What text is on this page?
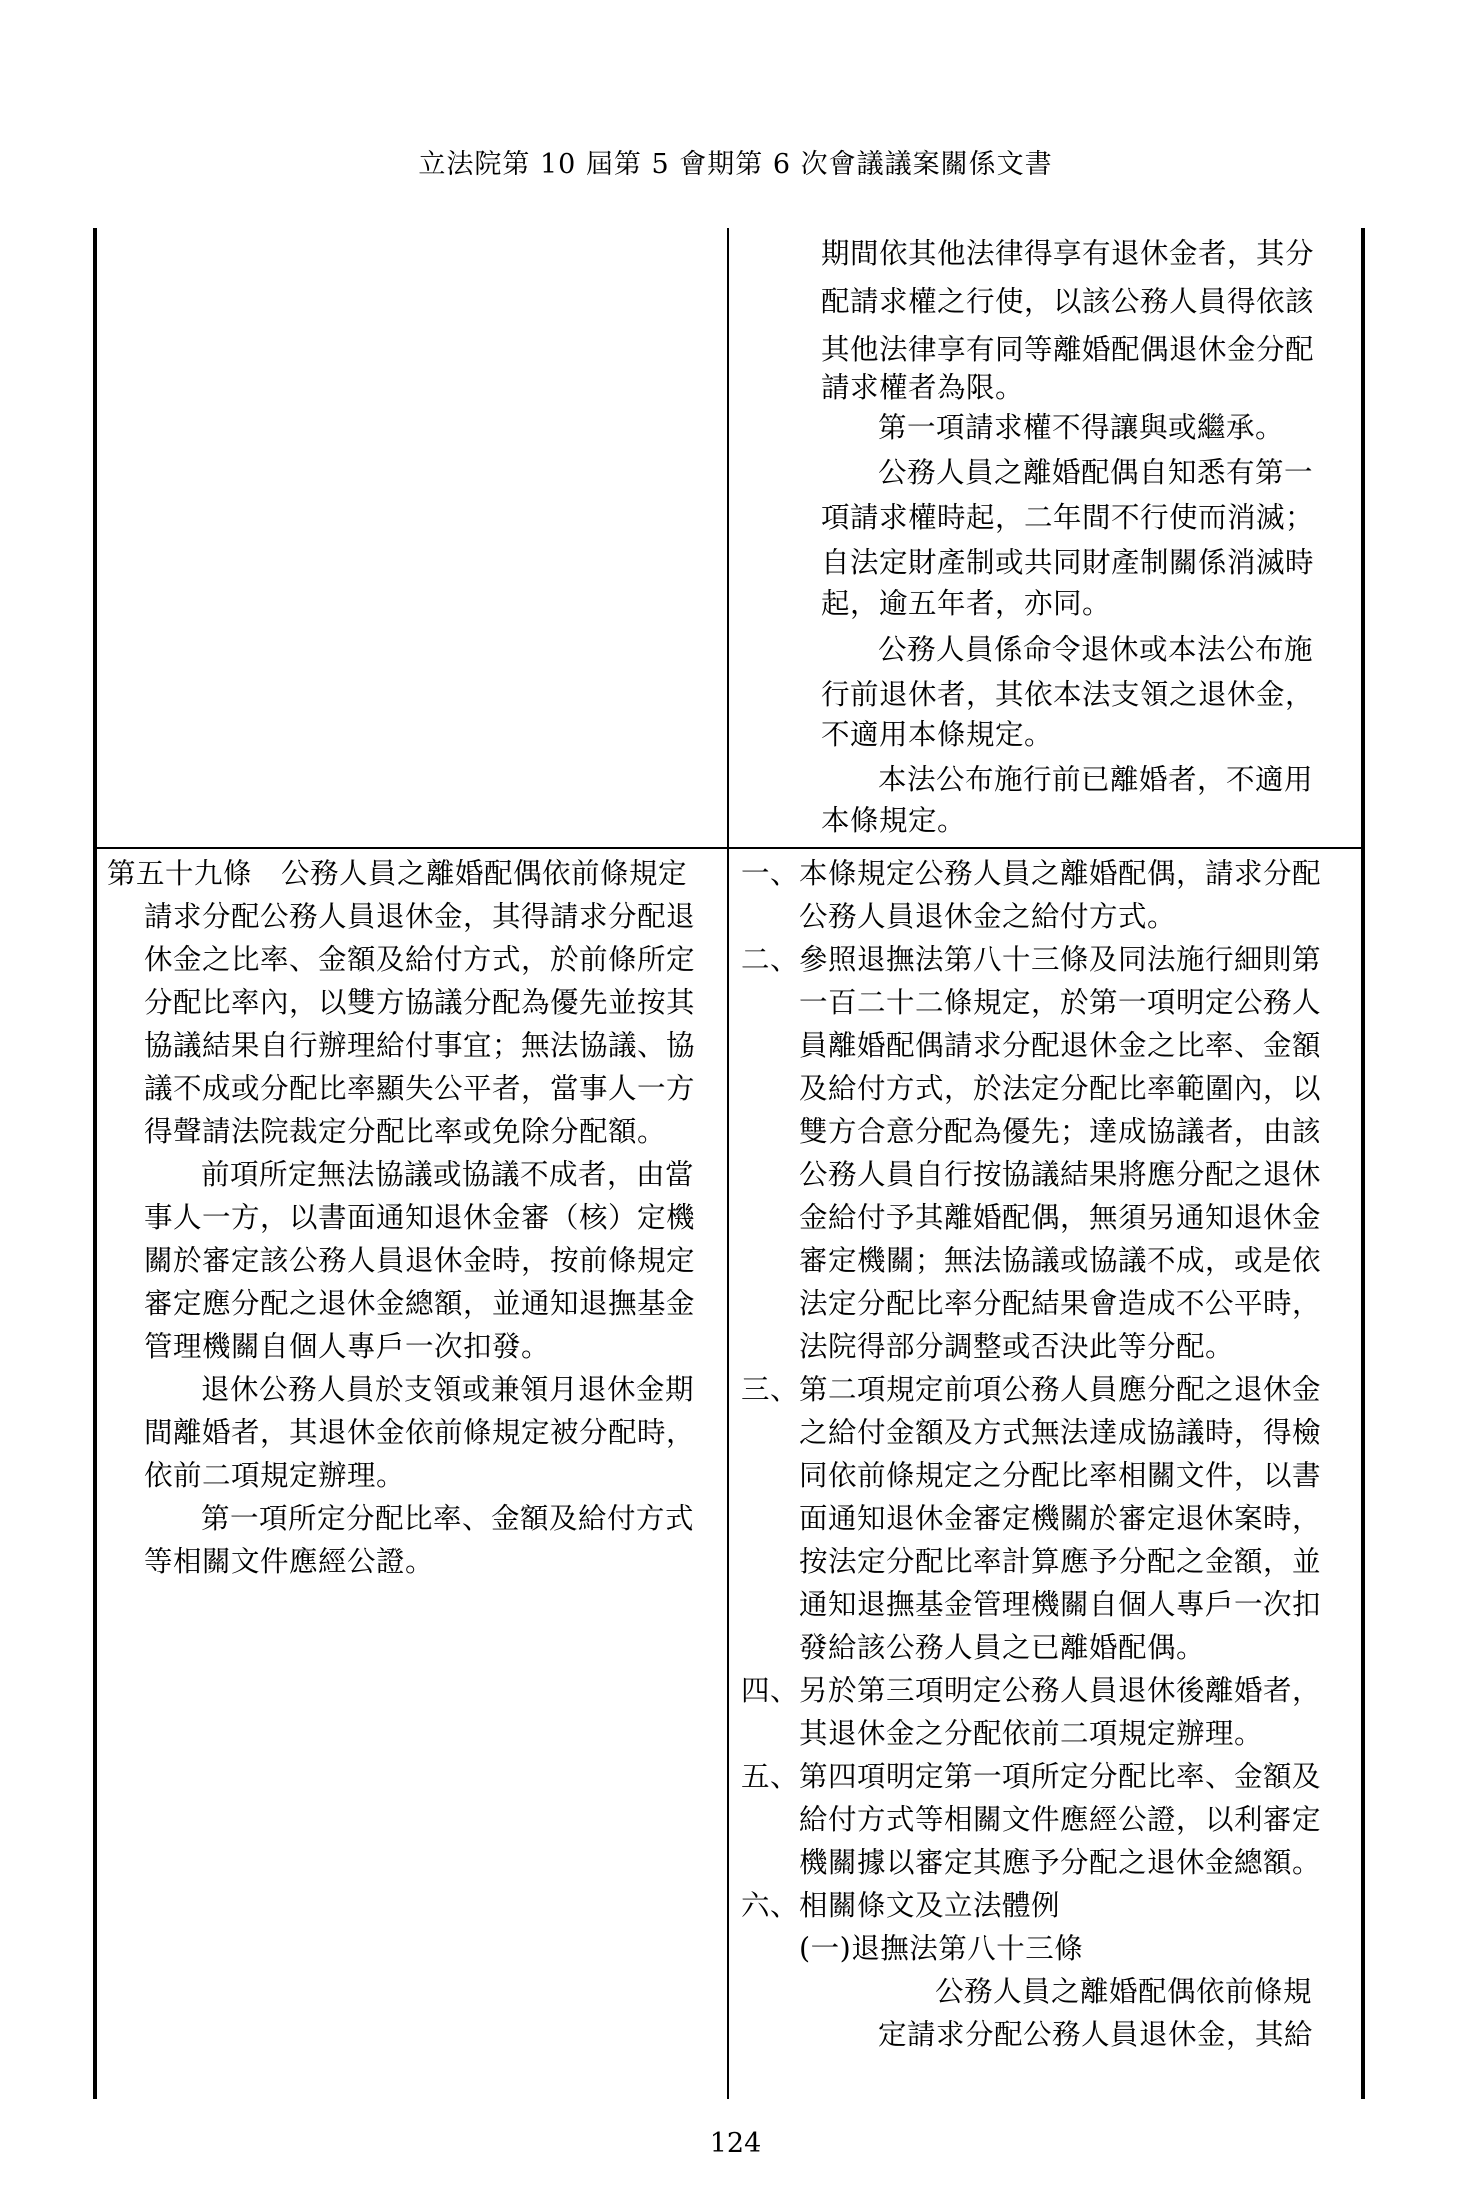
立法院第 10 屆第 5 會期第 6 次會議議案關係文書
期間依其他法律得享有退休金者，其分
配請求權之行使，以該公務人員得依該
其他法律享有同等離婚配偶退休金分配
請求權者為限。
第一項請求權不得讓與或繼承。
公務人員之離婚配偶自知悉有第一
項請求權時起，二年間不行使而消滅；
自法定財產制或共同財產制關係消滅時
起，逾五年者，亦同。
公務人員係命令退休或本法公布施
行前退休者，其依本法支領之退休金，
不適用本條規定。
本法公布施行前已離婚者，不適用
本條規定。
第五十九條　公務人員之離婚配偶依前條規定
請求分配公務人員退休金，其得請求分配退
休金之比率、金額及給付方式，於前條所定
分配比率內，以雙方協議分配為優先並按其
協議結果自行辦理給付事宜；無法協議、協
議不成或分配比率顯失公平者，當事人一方
得聲請法院裁定分配比率或免除分配額。
前項所定無法協議或協議不成者，由當
事人一方，以書面通知退休金審（核）定機
關於審定該公務人員退休金時，按前條規定
審定應分配之退休金總額，並通知退撫基金
管理機關自個人專戶一次扣發。
退休公務人員於支領或兼領月退休金期
間離婚者，其退休金依前條規定被分配時，
依前二項規定辦理。
第一項所定分配比率、金額及給付方式
等相關文件應經公證。
一、本條規定公務人員之離婚配偶，請求分配
公務人員退休金之給付方式。
二、參照退撫法第八十三條及同法施行細則第
一百二十二條規定，於第一項明定公務人
員離婚配偶請求分配退休金之比率、金額
及給付方式，於法定分配比率範圍內，以
雙方合意分配為優先；達成協議者，由該
公務人員自行按協議結果將應分配之退休
金給付予其離婚配偶，無須另通知退休金
審定機關；無法協議或協議不成，或是依
法定分配比率分配結果會造成不公平時，
法院得部分調整或否決此等分配。
三、第二項規定前項公務人員應分配之退休金
之給付金額及方式無法達成協議時，得檢
同依前條規定之分配比率相關文件，以書
面通知退休金審定機關於審定退休案時，
按法定分配比率計算應予分配之金額，並
通知退撫基金管理機關自個人專戶一次扣
發給該公務人員之已離婚配偶。
四、另於第三項明定公務人員退休後離婚者，
其退休金之分配依前二項規定辦理。
五、第四項明定第一項所定分配比率、金額及
給付方式等相關文件應經公證，以利審定
機關據以審定其應予分配之退休金總額。
六、相關條文及立法體例
(一)退撫法第八十三條
公務人員之離婚配偶依前條規
定請求分配公務人員退休金，其給
124
